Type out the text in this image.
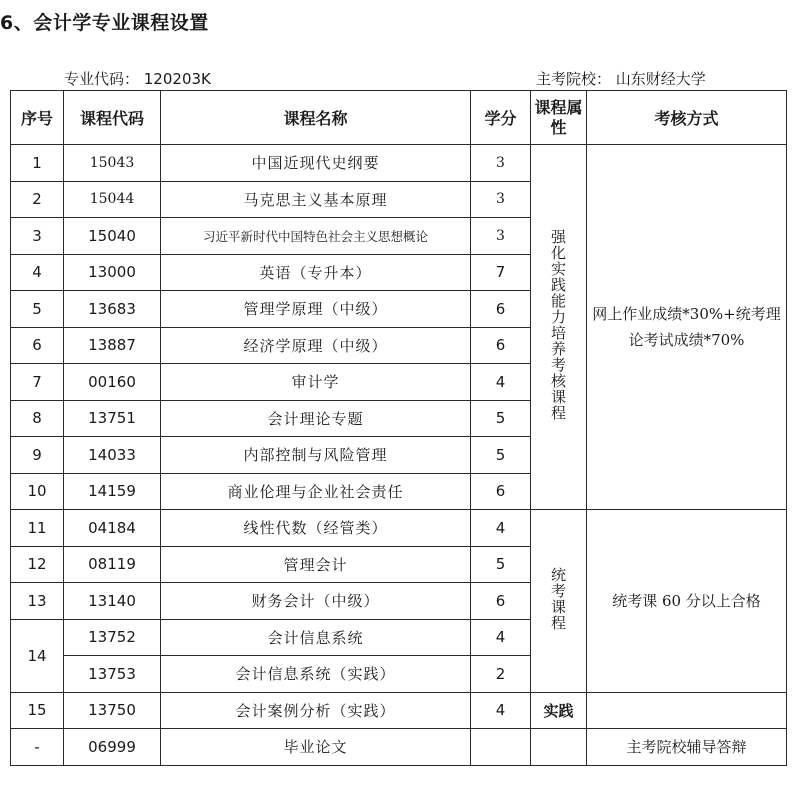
6、会计学专业课程设置
专业代码： 120203K	主考院校： 山东财经大学
序号	课程代码	课程名称	学分	课程属性	考核方式
1	15043	中国近现代史纲要	3	强化实践能力培养考核课程	网上作业成绩*30%+统考理论考试成绩*70%
2	15044	马克思主义基本原理	3		
3	15040	习近平新时代中国特色社会主义思想概论	3		
4	13000	英语（专升本）	7		
5	13683	管理学原理（中级）	6		
6	13887	经济学原理（中级）	6		
7	00160	审计学	4		
8	13751	会计理论专题	5		
9	14033	内部控制与风险管理	5		
10	14159	商业伦理与企业社会责任	6		
11	04184	线性代数（经管类）	4	统考课程	统考课 60 分以上合格
12	08119	管理会计	5		
13	13140	财务会计（中级）	6		
14	13752	会计信息系统	4		
	13753	会计信息系统（实践）	2		
15	13750	会计案例分析（实践）	4	实践	
-	06999	毕业论文			主考院校辅导答辩
